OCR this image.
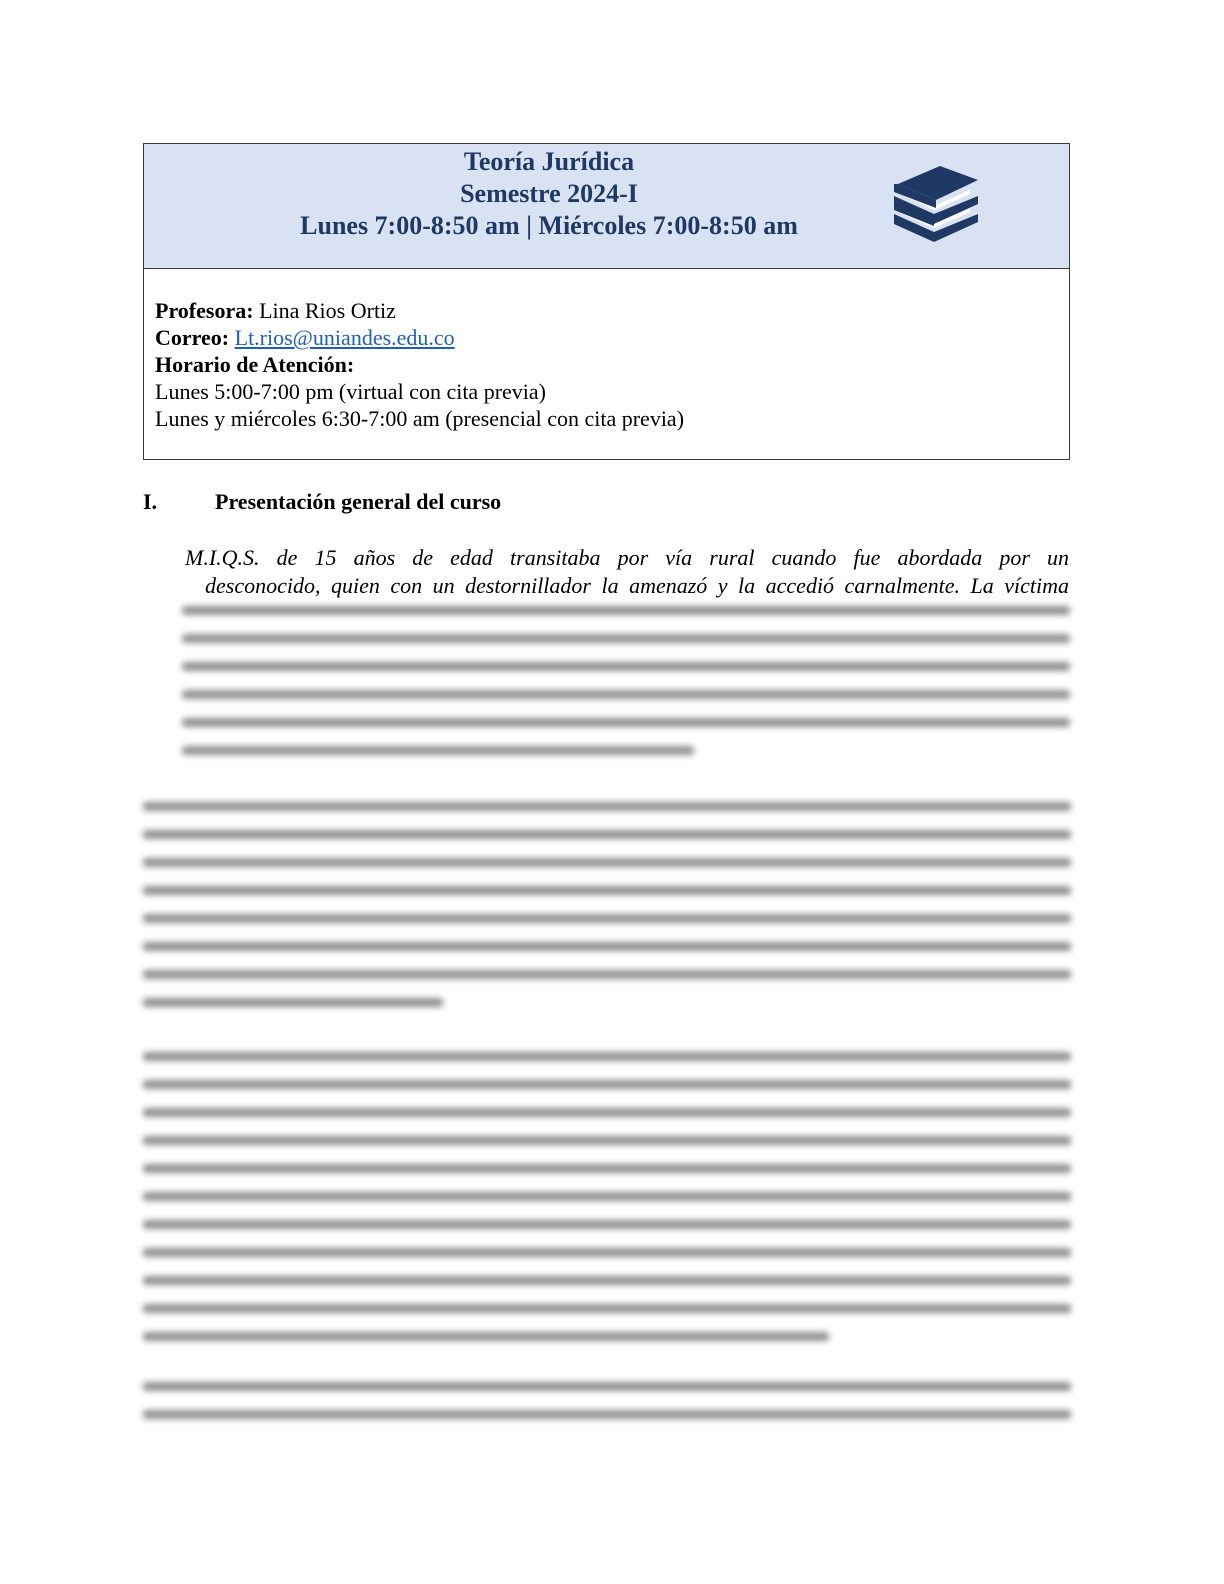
Teoría Jurídica
Semestre 2024-I
Lunes 7:00-8:50 am | Miércoles 7:00-8:50 am
Profesora: Lina Rios Ortiz
Correo: Lt.rios@uniandes.edu.co
Horario de Atención:
Lunes 5:00-7:00 pm (virtual con cita previa)
Lunes y miércoles 6:30-7:00 am (presencial con cita previa)
I.	Presentación general del curso
M.I.Q.S. de 15 años de edad transitaba por vía rural cuando fue abordada por un
desconocido, quien con un destornillador la amenazó y la accedió carnalmente. La víctima
